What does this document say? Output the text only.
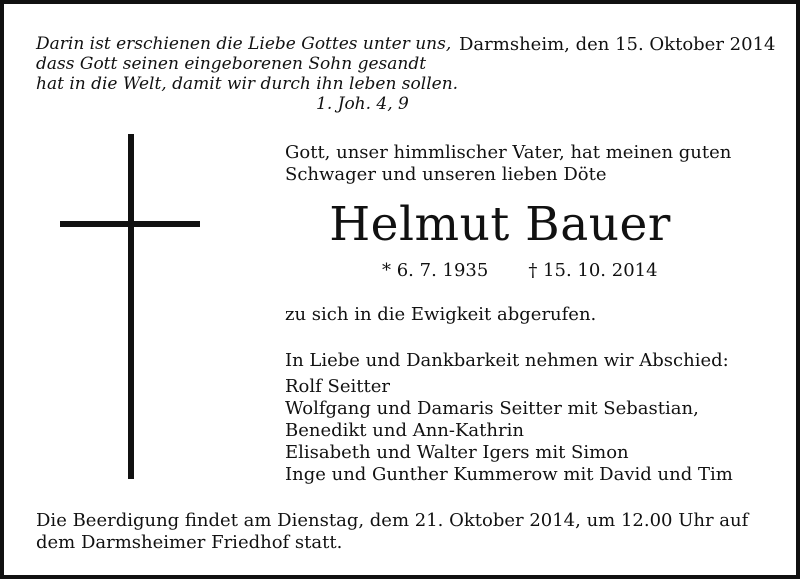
Darin ist erschienen die Liebe Gottes unter uns,
dass Gott seinen eingeborenen Sohn gesandt
hat in die Welt, damit wir durch ihn leben sollen.
1. Joh. 4, 9
Darmsheim, den 15. Oktober 2014
Gott, unser himmlischer Vater, hat meinen guten
Schwager und unseren lieben Döte
Helmut Bauer
* 6. 7. 1935 † 15. 10. 2014
zu sich in die Ewigkeit abgerufen.
In Liebe und Dankbarkeit nehmen wir Abschied:
Rolf Seitter
Wolfgang und Damaris Seitter mit Sebastian,
Benedikt und Ann-Kathrin
Elisabeth und Walter Igers mit Simon
Inge und Gunther Kummerow mit David und Tim
Die Beerdigung findet am Dienstag, dem 21. Oktober 2014, um 12.00 Uhr auf
dem Darmsheimer Friedhof statt.
